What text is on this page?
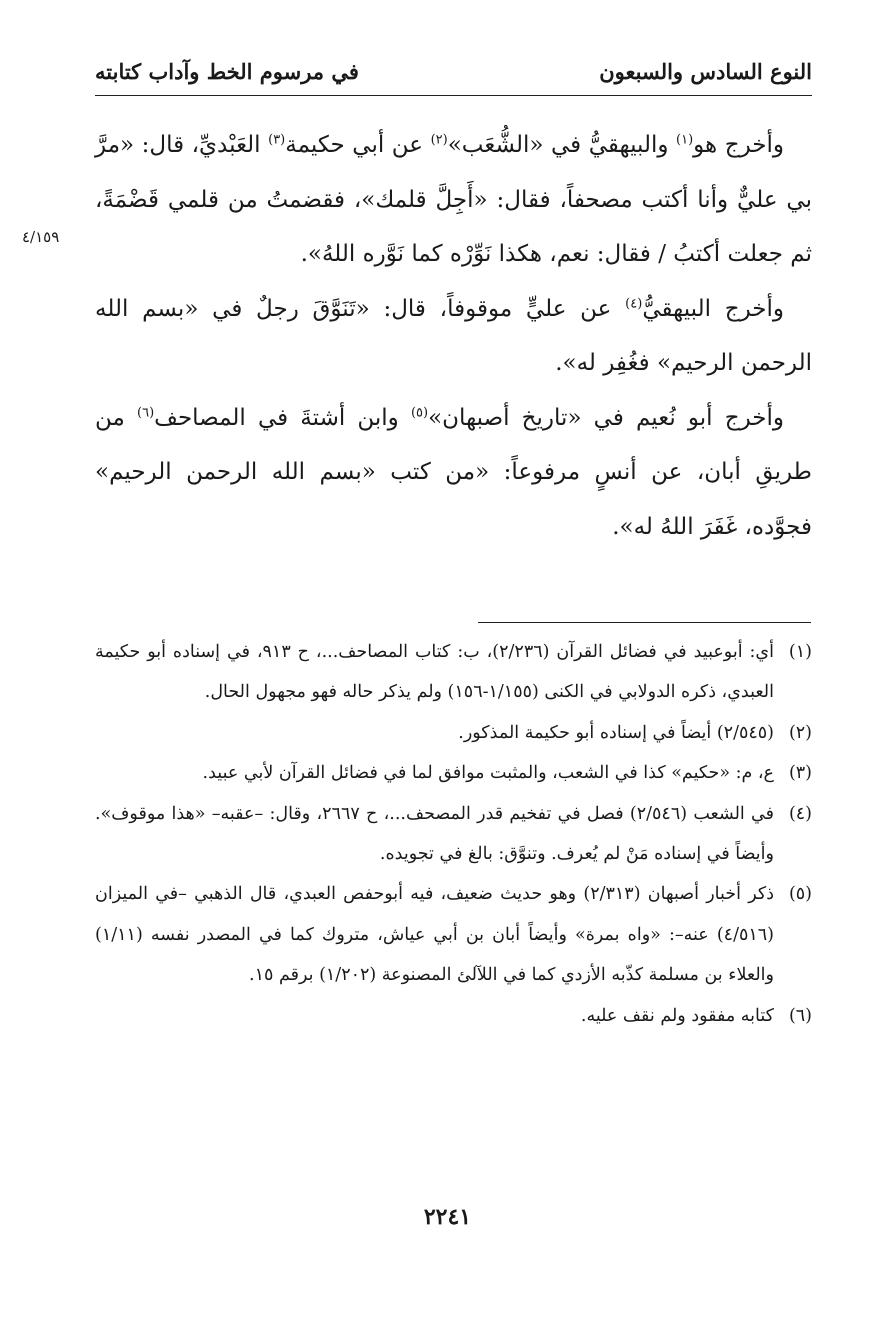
النوع السادس والسبعون
في مرسوم الخط وآداب كتابته
٤/١٥٩

وأخرج هو$^{(١)}$ والبيهقيُّ في «الشُّعَب»$^{(٢)}$ عن أبي حكيمة$^{(٣)}$ العَبْديِّ، قال: «مرَّ بي عليٌّ وأنا أكتب مصحفاً، فقال: «أَجِلَّ قلمك»، فقضمتُ من قلمي قَضْمَةً، ثم جعلت أكتبُ / فقال: نعم، هكذا نَوِّرْه كما نَوَّره اللهُ».

وأخرج البيهقيُّ$^{(٤)}$ عن عليٍّ موقوفاً، قال: «تَنَوَّقَ رجلٌ في «بسم الله الرحمن الرحيم» فغُفِر له».

وأخرج أبو نُعيم في «تاريخ أصبهان»$^{(٥)}$ وابن أشتةَ في المصاحف$^{(٦)}$ من طريقِ أبان، عن أنسٍ مرفوعاً: «من كتب «بسم الله الرحمن الرحيم» فجوَّده، غَفَرَ اللهُ له».

(١)أي: أبوعبيد في فضائل القرآن (٢/٢٣٦)، ب: كتاب المصاحف...، ح ٩١٣، في إسناده أبو حكيمة العبدي، ذكره الدولابي في الكنى (١/١٥٥-١٥٦) ولم يذكر حاله فهو مجهول الحال.

(٢)(٢/٥٤٥) أيضاً في إسناده أبو حكيمة المذكور.

(٣)ع، م: «حكيم» كذا في الشعب، والمثبت موافق لما في فضائل القرآن لأبي عبيد.

(٤)في الشعب (٢/٥٤٦) فصل في تفخيم قدر المصحف...، ح ٢٦٦٧، وقال: –عقبه– «هذا موقوف». وأيضاً في إسناده مَنْ لم يُعرف. وتنوَّق: بالغ في تجويده.

(٥)ذكر أخبار أصبهان (٢/٣١٣) وهو حديث ضعيف، فيه أبوحفص العبدي، قال الذهبي –في الميزان (٤/٥١٦) عنه–: «واه بمرة» وأيضاً أبان بن أبي عياش، متروك كما في المصدر نفسه (١/١١) والعلاء بن مسلمة كذّبه الأزدي كما في اللآلئ المصنوعة (١/٢٠٢) برقم ١٥.

(٦)كتابه مفقود ولم نقف عليه.

٢٢٤١
